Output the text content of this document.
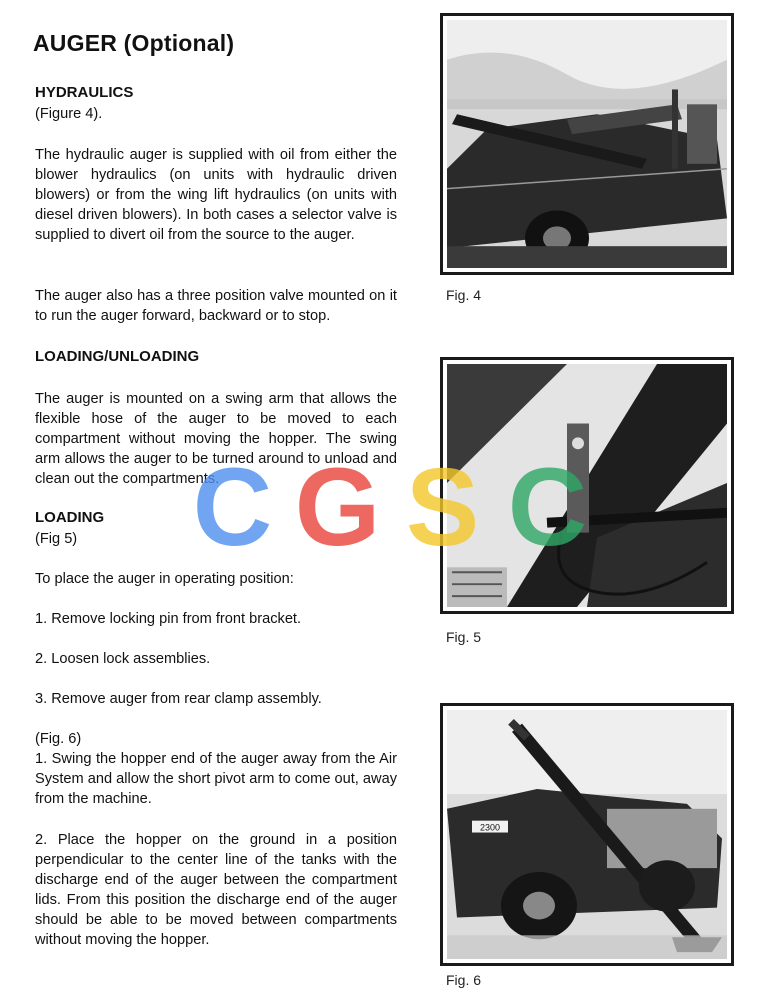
AUGER (Optional)
HYDRAULICS

(Figure 4).

The hydraulic auger is supplied with oil from either the blower hydraulics (on units with hydraulic driven blowers) or from the wing lift hydraulics (on units with diesel driven blowers). In both cases a selector valve is supplied to divert oil from the source to the auger.

The auger also has a three position valve mounted on it to run the auger forward, backward or to stop.

LOADING/UNLOADING

The auger is mounted on a swing arm that allows the flexible hose of the auger to be moved to each compartment without moving the hopper. The swing arm allows the auger to be turned around to unload and clean out the compartments.

LOADING

(Fig 5)

To place the auger in operating position:

1. Remove locking pin from front bracket.

2. Loosen lock assemblies.

3. Remove auger from rear clamp assembly.

(Fig. 6)

1. Swing the hopper end of the auger away from the Air System and allow the short pivot arm to come out, away from the machine.

2. Place the hopper on the ground in a position perpendicular to the center line of the tanks with the discharge end of the auger between the compartment lids. From this position the discharge end of the auger should be able to be moved between compartments without moving the hopper.

Fig. 4

Fig. 5

2300

Fig. 6

C G S C
